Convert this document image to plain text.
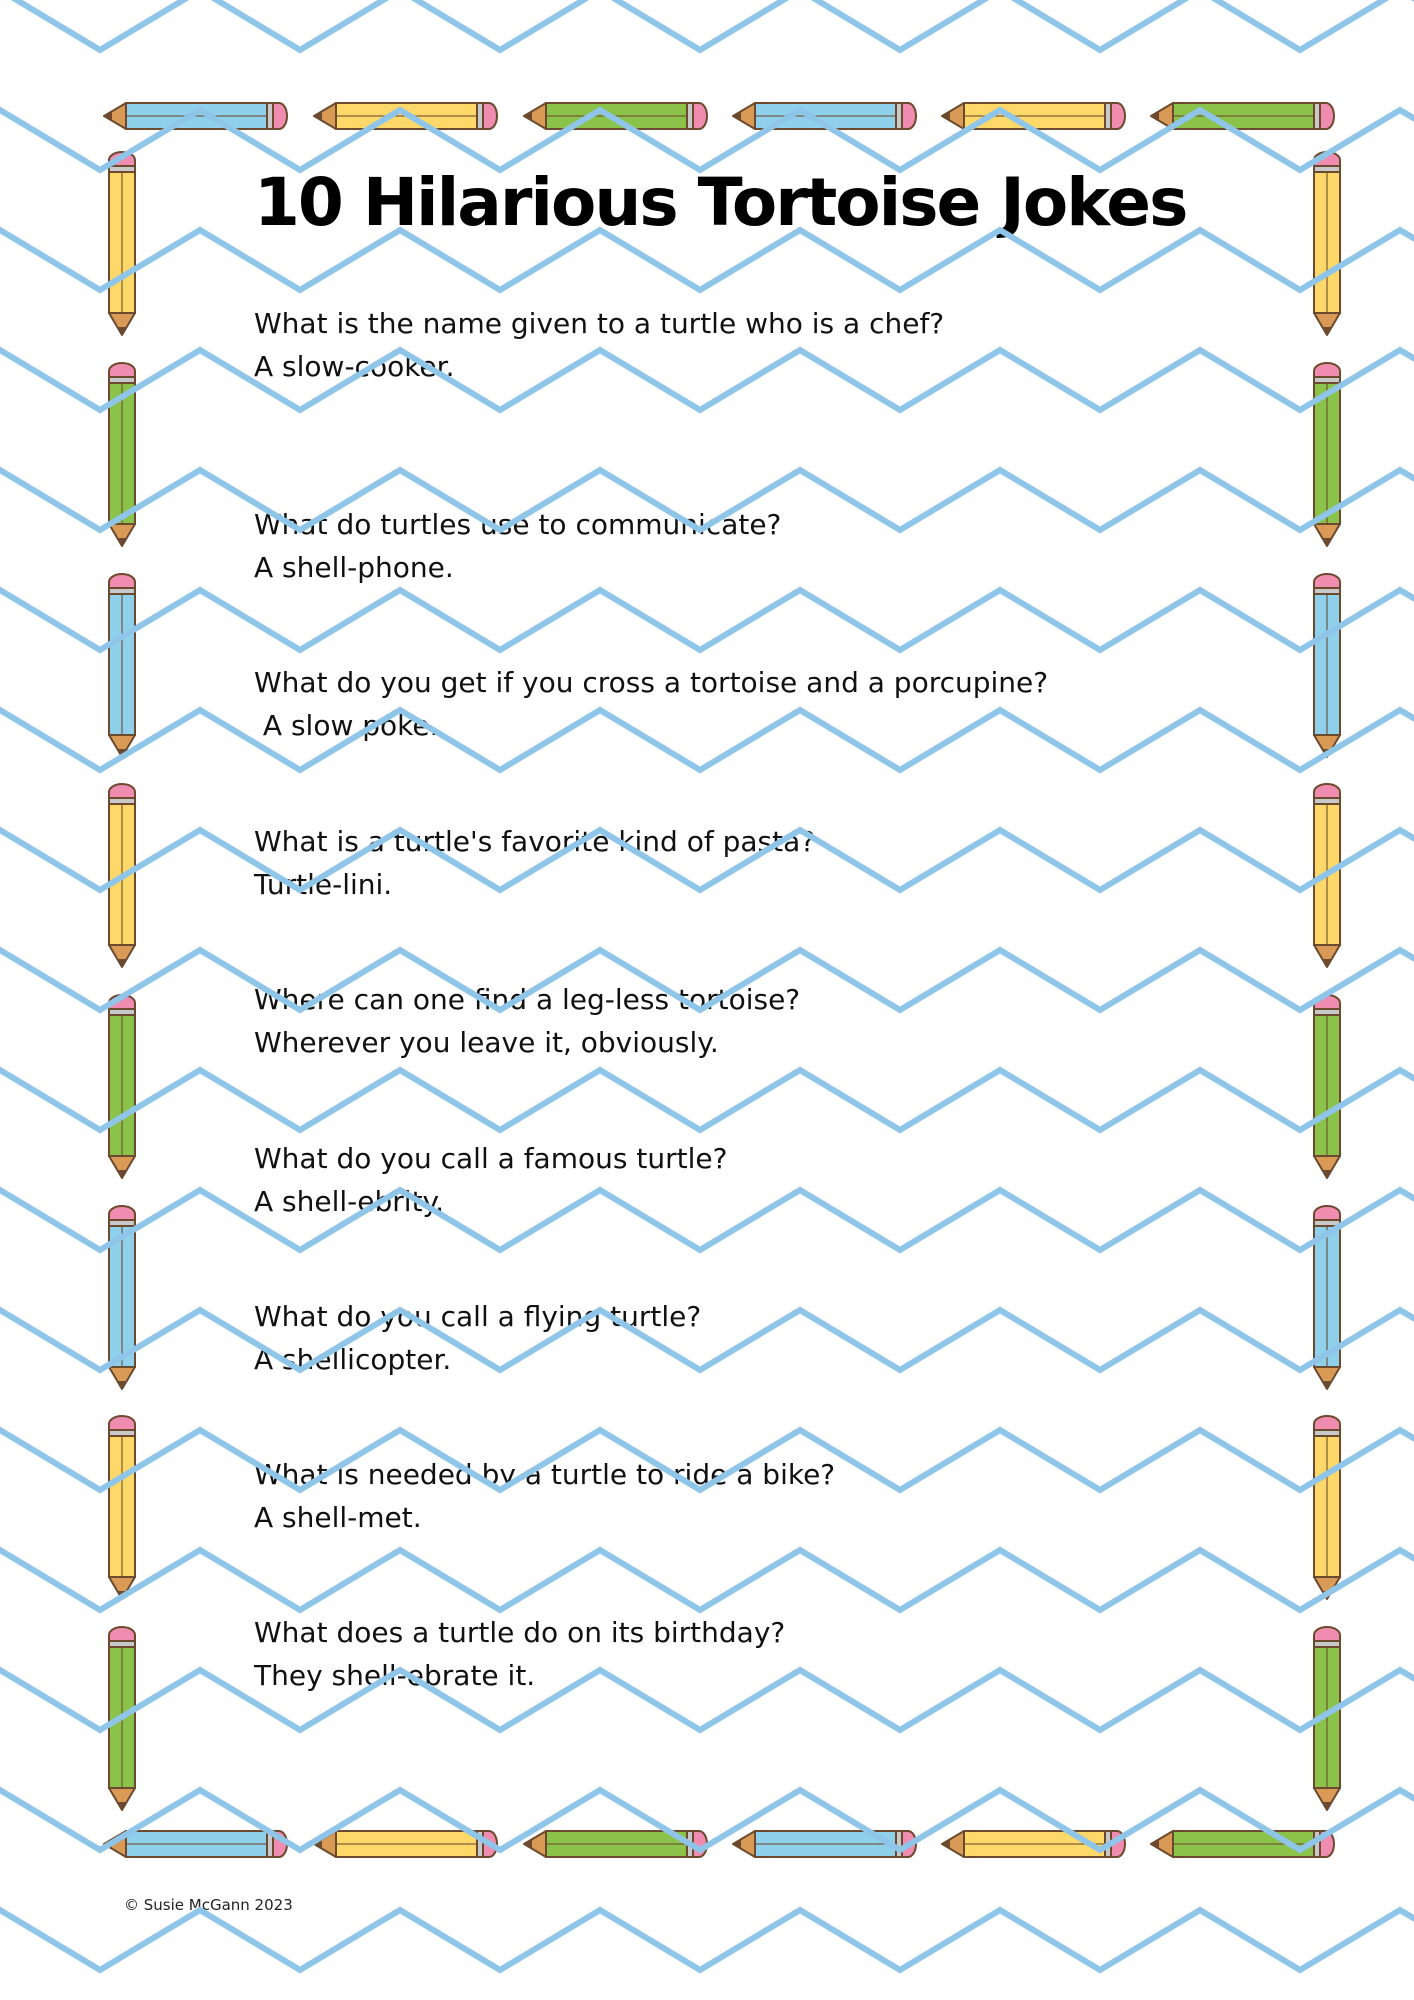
10 Hilarious Tortoise Jokes
What is the name given to a turtle who is a chef?
A slow-cooker.
What do turtles use to communicate?
A shell-phone.
What do you get if you cross a tortoise and a porcupine?
A slow poke.
What is a turtle's favorite kind of pasta?
Turtle-lini.
Where can one find a leg-less tortoise?
Wherever you leave it, obviously.
What do you call a famous turtle?
A shell-ebrity.
What do you call a flying turtle?
A shellicopter.
What is needed by a turtle to ride a bike?
A shell-met.
What does a turtle do on its birthday?
They shell-ebrate it.
© Susie McGann 2023
